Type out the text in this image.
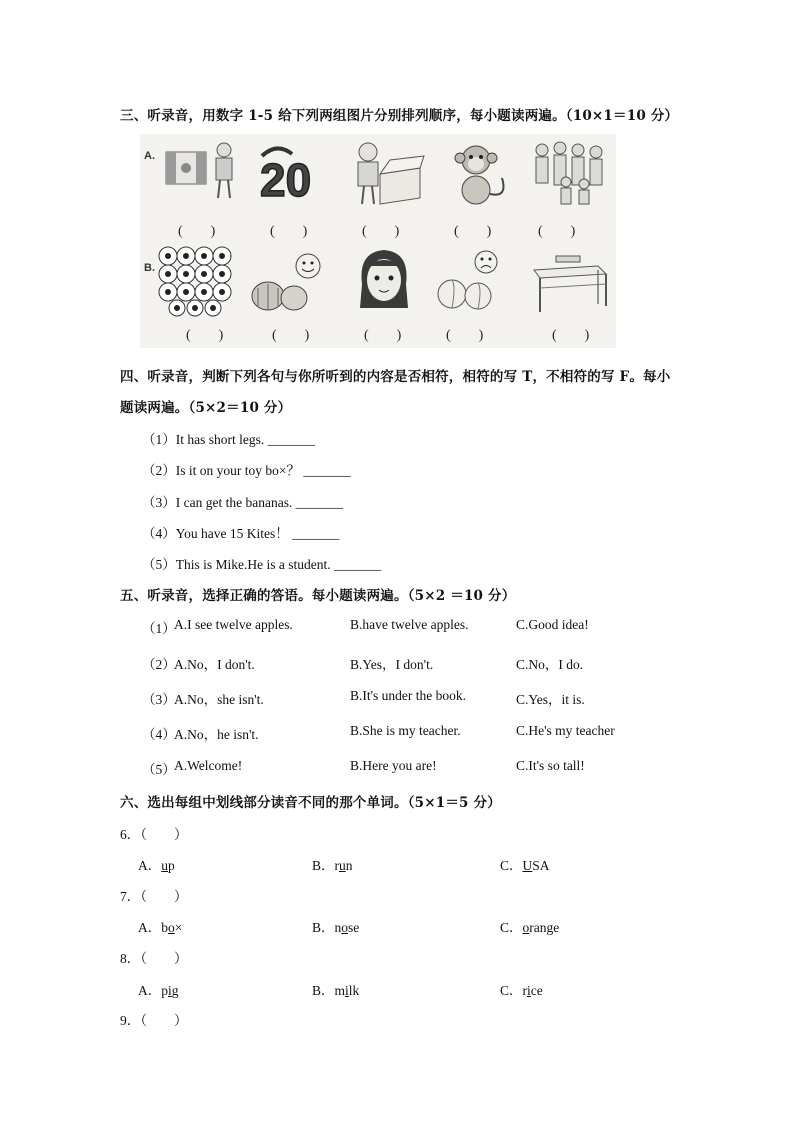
三、听录音，用数字 1-5 给下列两组图片分别排列顺序，每小题读两遍。（10×1＝10 分）
A.
B.
20
(　　)	(　　)	(　　)	(　　)	(　　)
(　　)	(　　)	(　　)	(　　)	(　　)
四、听录音，判断下列各句与你所听到的内容是否相符，相符的写 T，不相符的写 F。每小
题读两遍。（5×2＝10 分）
（1）It has short legs. _______
（2）Is it on your toy bo×？ _______
（3）I can get the bananas. _______
（4）You have 15 Kites！ _______
（5）This is Mike.He is a student. _______
五、听录音，选择正确的答语。每小题读两遍。（5×2 ＝10 分）
（1）
A.I see twelve apples.	B.have twelve apples.	C.Good idea!
（2）
A.No，I don't.	B.Yes，I don't.	C.No，I do.
（3）
A.No，she isn't.	B.It's under the book.	C.Yes，it is.
（4）
A.No，he isn't.	B.She is my teacher.	C.He's my teacher
（5）
A.Welcome!	B.Here you are!	C.It's so tall!
六、选出每组中划线部分读音不同的那个单词。（5×1＝5 分）
6．（　　）
A．up	B．run	C．USA
7．（　　）
A．bo×	B．nose	C．orange
8．（　　）
A．pig	B．milk	C．rice
9．（　　）
